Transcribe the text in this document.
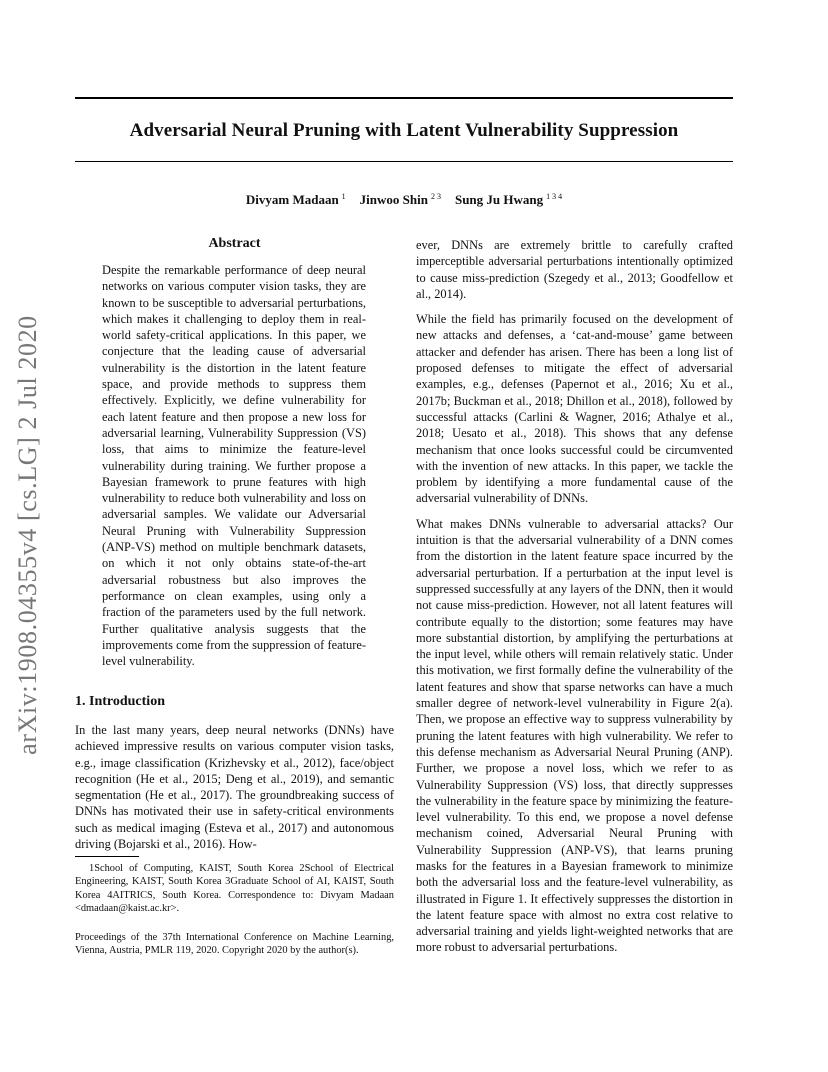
Adversarial Neural Pruning with Latent Vulnerability Suppression
Divyam Madaan $^1$ Jinwoo Shin $^{2 3}$ Sung Ju Hwang $^{1 3 4}$
arXiv:1908.04355v4 [cs.LG] 2 Jul 2020
Abstract
Despite the remarkable performance of deep neural networks on various computer vision tasks, they are known to be susceptible to adversarial perturbations, which makes it challenging to deploy them in real-world safety-critical applications. In this paper, we conjecture that the leading cause of adversarial vulnerability is the distortion in the latent feature space, and provide methods to suppress them effectively. Explicitly, we define vulnerability for each latent feature and then propose a new loss for adversarial learning, Vulnerability Suppression (VS) loss, that aims to minimize the feature-level vulnerability during training. We further propose a Bayesian framework to prune features with high vulnerability to reduce both vulnerability and loss on adversarial samples. We validate our Adversarial Neural Pruning with Vulnerability Suppression (ANP-VS) method on multiple benchmark datasets, on which it not only obtains state-of-the-art adversarial robustness but also improves the performance on clean examples, using only a fraction of the parameters used by the full network. Further qualitative analysis suggests that the improvements come from the suppression of feature-level vulnerability.
1. Introduction
In the last many years, deep neural networks (DNNs) have achieved impressive results on various computer vision tasks, e.g., image classification (Krizhevsky et al., 2012), face/object recognition (He et al., 2015; Deng et al., 2019), and semantic segmentation (He et al., 2017). The groundbreaking success of DNNs has motivated their use in safety-critical environments such as medical imaging (Esteva et al., 2017) and autonomous driving (Bojarski et al., 2016). How-

1School of Computing, KAIST, South Korea 2School of Electrical Engineering, KAIST, South Korea 3Graduate School of AI, KAIST, South Korea 4AITRICS, South Korea. Correspondence to: Divyam Madaan <dmadaan@kaist.ac.kr>.

Proceedings of the 37th International Conference on Machine Learning, Vienna, Austria, PMLR 119, 2020. Copyright 2020 by the author(s).

ever, DNNs are extremely brittle to carefully crafted imperceptible adversarial perturbations intentionally optimized to cause miss-prediction (Szegedy et al., 2013; Goodfellow et al., 2014).

While the field has primarily focused on the development of new attacks and defenses, a ‘cat-and-mouse’ game between attacker and defender has arisen. There has been a long list of proposed defenses to mitigate the effect of adversarial examples, e.g., defenses (Papernot et al., 2016; Xu et al., 2017b; Buckman et al., 2018; Dhillon et al., 2018), followed by successful attacks (Carlini & Wagner, 2016; Athalye et al., 2018; Uesato et al., 2018). This shows that any defense mechanism that once looks successful could be circumvented with the invention of new attacks. In this paper, we tackle the problem by identifying a more fundamental cause of the adversarial vulnerability of DNNs.

What makes DNNs vulnerable to adversarial attacks? Our intuition is that the adversarial vulnerability of a DNN comes from the distortion in the latent feature space incurred by the adversarial perturbation. If a perturbation at the input level is suppressed successfully at any layers of the DNN, then it would not cause miss-prediction. However, not all latent features will contribute equally to the distortion; some features may have more substantial distortion, by amplifying the perturbations at the input level, while others will remain relatively static. Under this motivation, we first formally define the vulnerability of the latent features and show that sparse networks can have a much smaller degree of network-level vulnerability in Figure 2(a). Then, we propose an effective way to suppress vulnerability by pruning the latent features with high vulnerability. We refer to this defense mechanism as Adversarial Neural Pruning (ANP). Further, we propose a novel loss, which we refer to as Vulnerability Suppression (VS) loss, that directly suppresses the vulnerability in the feature space by minimizing the feature-level vulnerability. To this end, we propose a novel defense mechanism coined, Adversarial Neural Pruning with Vulnerability Suppression (ANP-VS), that learns pruning masks for the features in a Bayesian framework to minimize both the adversarial loss and the feature-level vulnerability, as illustrated in Figure 1. It effectively suppresses the distortion in the latent feature space with almost no extra cost relative to adversarial training and yields light-weighted networks that are more robust to adversarial perturbations.
